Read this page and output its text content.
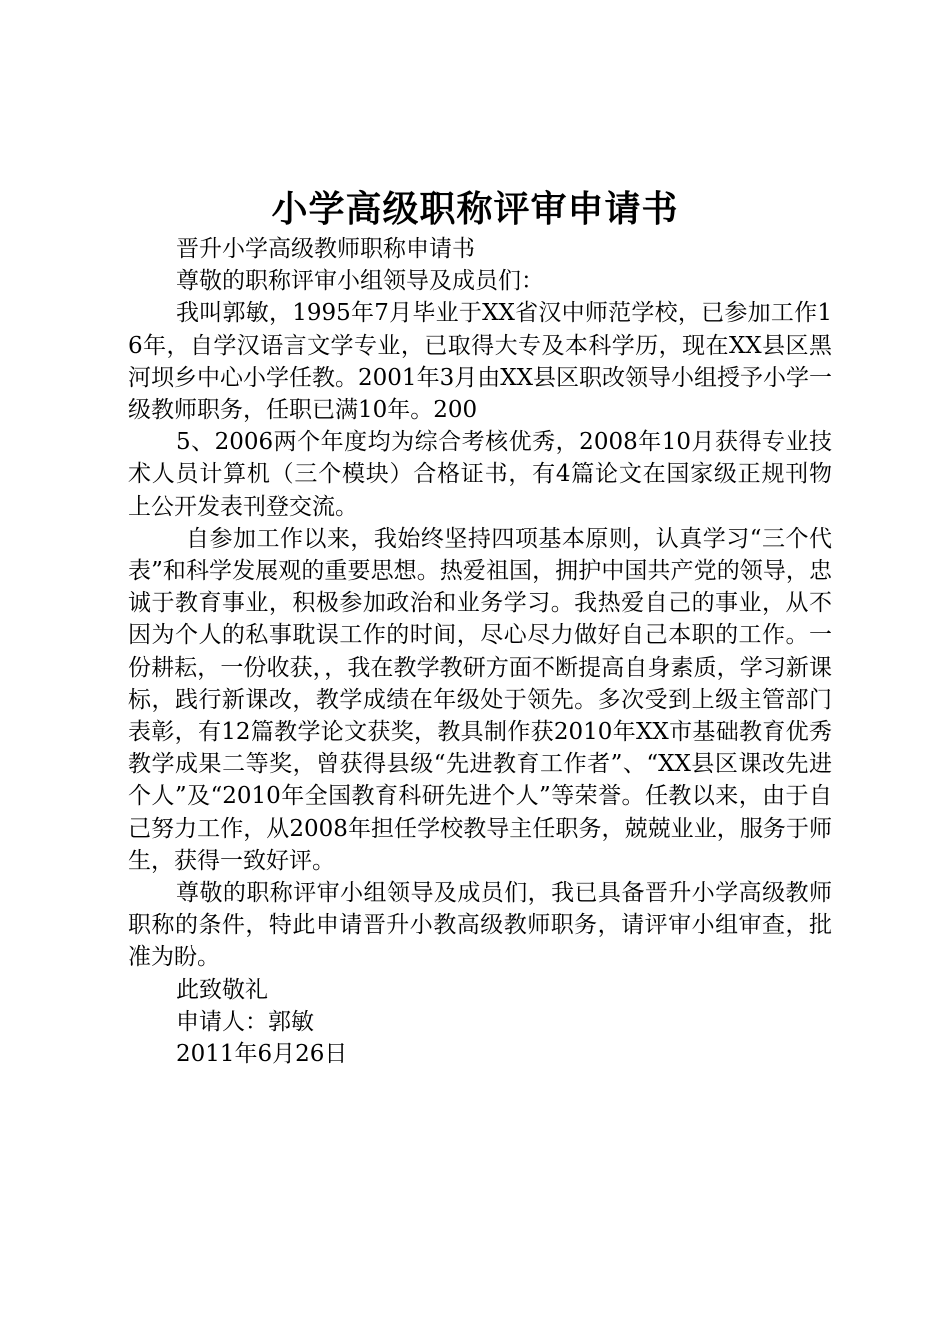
小学高级职称评审申请书

晋升小学高级教师职称申请书

尊敬的职称评审小组领导及成员们：

我叫郭敏，1995年7月毕业于XX省汉中师范学校，已参加工作16年，自学汉语言文学专业，已取得大专及本科学历，现在XX县区黑河坝乡中心小学任教。2001年3月由XX县区职改领导小组授予小学一级教师职务，任职已满10年。200

5、2006两个年度均为综合考核优秀，2008年10月获得专业技术人员计算机（三个模块）合格证书，有4篇论文在国家级正规刊物上公开发表刊登交流。

自参加工作以来，我始终坚持四项基本原则，认真学习“三个代表”和科学发展观的重要思想。热爱祖国，拥护中国共产党的领导，忠诚于教育事业，积极参加政治和业务学习。我热爱自己的事业，从不因为个人的私事耽误工作的时间，尽心尽力做好自己本职的工作。一份耕耘，一份收获，，我在教学教研方面不断提高自身素质，学习新课标，践行新课改，教学成绩在年级处于领先。多次受到上级主管部门表彰，有12篇教学论文获奖，教具制作获2010年XX市基础教育优秀教学成果二等奖，曾获得县级“先进教育工作者”、“XX县区课改先进个人”及“2010年全国教育科研先进个人”等荣誉。任教以来，由于自己努力工作，从2008年担任学校教导主任职务，兢兢业业，服务于师生，获得一致好评。

尊敬的职称评审小组领导及成员们，我已具备晋升小学高级教师职称的条件，特此申请晋升小教高级教师职务，请评审小组审查，批准为盼。

此致敬礼

申请人：郭敏

2011年6月26日
